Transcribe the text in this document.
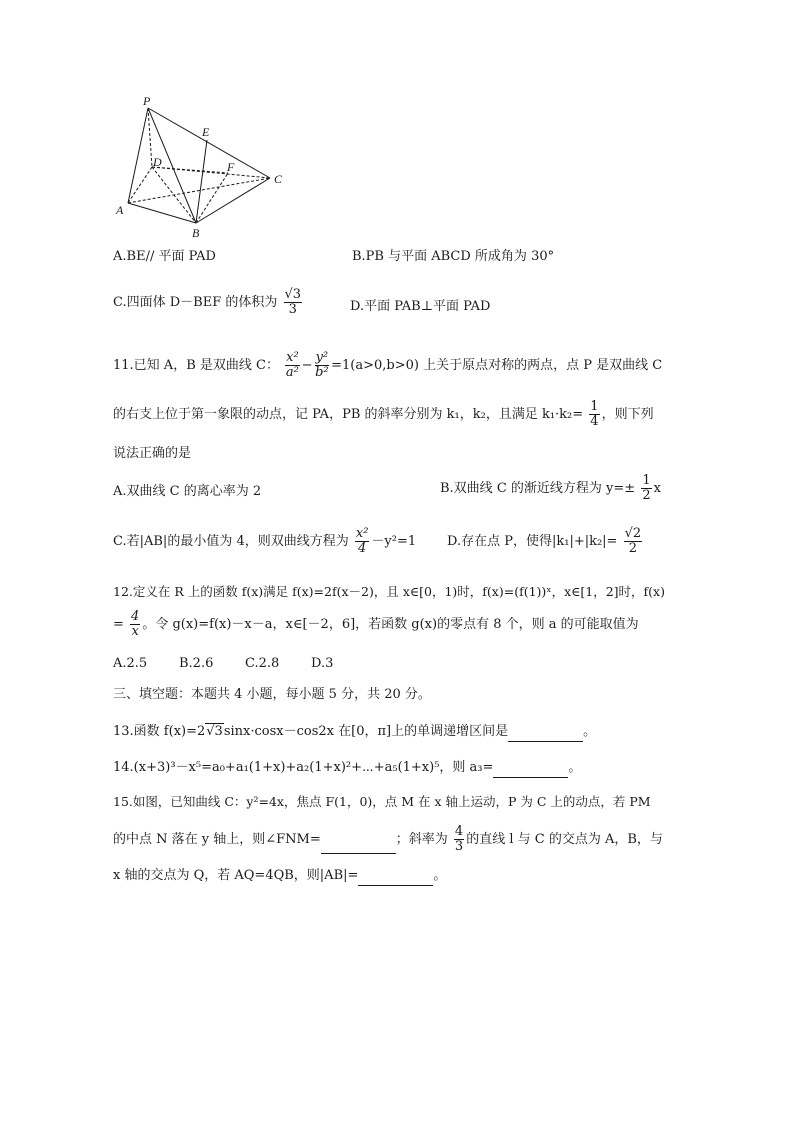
P
E
D	F
C
A
B
A.BE// 平面 PAD	B.PB 与平面 ABCD 所成角为 30°
C.四面体 D－BEF 的体积为 $\frac{√3}{3}$	D.平面 PAB⊥平面 PAD
11.已知 A，B 是双曲线 C： $\frac{\text{x²}}{\text{a²}} - \frac{\text{y²}}{\text{b²}} =1(a>0,b>0)$ 上关于原点对称的两点，点 P 是双曲线 C
的右支上位于第一象限的动点，记 PA，PB 的斜率分别为 k₁，k₂，且满足 $k_1\cdot k_2= \frac{1}{4}$ ，则下列
说法正确的是
A.双曲线 C 的离心率为 2	B.双曲线 C 的渐近线方程为 $y=\pm \frac{1}{2}$ x
C.若|AB|的最小值为 4，则双曲线方程为 $\frac{\text{x²}}{4} -y^2=1$ D.存在点 P，使得$|k_1|+|k_2|= \frac{√2}{2}$
12.定义在 R 上的函数 f(x)满足 f(x)=2f(x－2)，且 x∈[0，1)时，f(x)=(f(1))ˣ，x∈[1，2]时，f(x)
= $\frac{4}{x}$ 。令 g(x)=f(x)－x－a，x∈[－2，6]，若函数 g(x)的零点有 8 个，则 a 的可能取值为
A.2.5 B.2.6 C.2.8 D.3
三、填空题：本题共 4 小题，每小题 5 分，共 20 分。
13.函数 f(x)=2√3sinx·cosx－cos2x 在[0，π]上的单调递增区间是	。
14.(x+3)³－x⁵=a₀+a₁(1+x)+a₂(1+x)²+⋯+a₅(1+x)⁵，则 a₃=	。
15.如图，已知曲线 C：y²=4x，焦点 F(1，0)，点 M 在 x 轴上运动，P 为 C 上的动点，若 PM
的中点 N 落在 y 轴上，则∠FNM=	；斜率为 $\frac{4}{3}$ 的直线 l 与 C 的交点为 A，B，与
x 轴的交点为 Q，若 AQ=4QB，则|AB|=	。
